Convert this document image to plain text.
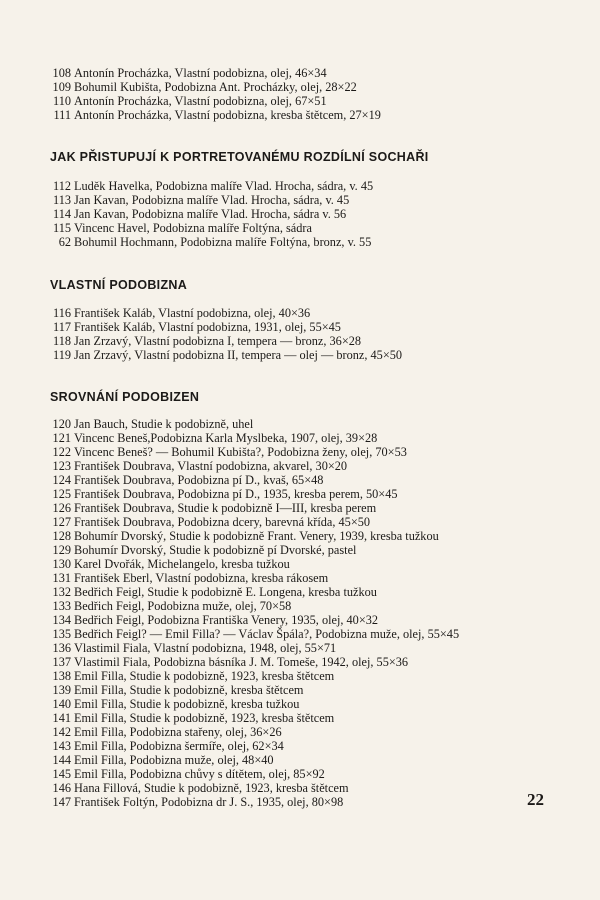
108 Antonín Procházka, Vlastní podobizna, olej, 46×34
109 Bohumil Kubišta, Podobizna Ant. Procházky, olej, 28×22
110 Antonín Procházka, Vlastní podobizna, olej, 67×51
111 Antonín Procházka, Vlastní podobizna, kresba štětcem, 27×19
JAK PŘISTUPUJÍ K PORTRETOVANÉMU ROZDÍLNÍ SOCHAŘI
112 Luděk Havelka, Podobizna malíře Vlad. Hrocha, sádra, v. 45
113 Jan Kavan, Podobizna malíře Vlad. Hrocha, sádra, v. 45
114 Jan Kavan, Podobizna malíře Vlad. Hrocha, sádra v. 56
115 Vincenc Havel, Podobizna malíře Foltýna, sádra
62 Bohumil Hochmann, Podobizna malíře Foltýna, bronz, v. 55
VLASTNÍ PODOBIZNA
116 František Kaláb, Vlastní podobizna, olej, 40×36
117 František Kaláb, Vlastní podobizna, 1931, olej, 55×45
118 Jan Zrzavý, Vlastní podobizna I, tempera — bronz, 36×28
119 Jan Zrzavý, Vlastní podobizna II, tempera — olej — bronz, 45×50
SROVNÁNÍ PODOBIZEN
120 Jan Bauch, Studie k podobizně, uhel
121 Vincenc Beneš,Podobizna Karla Myslbeka, 1907, olej, 39×28
122 Vincenc Beneš? — Bohumil Kubišta?, Podobizna ženy, olej, 70×53
123 František Doubrava, Vlastní podobizna, akvarel, 30×20
124 František Doubrava, Podobizna pí D., kvaš, 65×48
125 František Doubrava, Podobizna pí D., 1935, kresba perem, 50×45
126 František Doubrava, Studie k podobizně I—III, kresba perem
127 František Doubrava, Podobizna dcery, barevná křída, 45×50
128 Bohumír Dvorský, Studie k podobizně Frant. Venery, 1939, kresba tužkou
129 Bohumír Dvorský, Studie k podobizně pí Dvorské, pastel
130 Karel Dvořák, Michelangelo, kresba tužkou
131 František Eberl, Vlastní podobizna, kresba rákosem
132 Bedřich Feigl, Studie k podobizně E. Longena, kresba tužkou
133 Bedřich Feigl, Podobizna muže, olej, 70×58
134 Bedřich Feigl, Podobizna Františka Venery, 1935, olej, 40×32
135 Bedřich Feigl? — Emil Filla? — Václav Špála?, Podobizna muže, olej, 55×45
136 Vlastimil Fiala, Vlastní podobizna, 1948, olej, 55×71
137 Vlastimil Fiala, Podobizna básníka J. M. Tomeše, 1942, olej, 55×36
138 Emil Filla, Studie k podobizně, 1923, kresba štětcem
139 Emil Filla, Studie k podobizně, kresba štětcem
140 Emil Filla, Studie k podobizně, kresba tužkou
141 Emil Filla, Studie k podobizně, 1923, kresba štětcem
142 Emil Filla, Podobizna stařeny, olej, 36×26
143 Emil Filla, Podobizna šermíře, olej, 62×34
144 Emil Filla, Podobizna muže, olej, 48×40
145 Emil Filla, Podobizna chůvy s dítětem, olej, 85×92
146 Hana Fillová, Studie k podobizně, 1923, kresba štětcem
147 František Foltýn, Podobizna dr J. S., 1935, olej, 80×98	22
